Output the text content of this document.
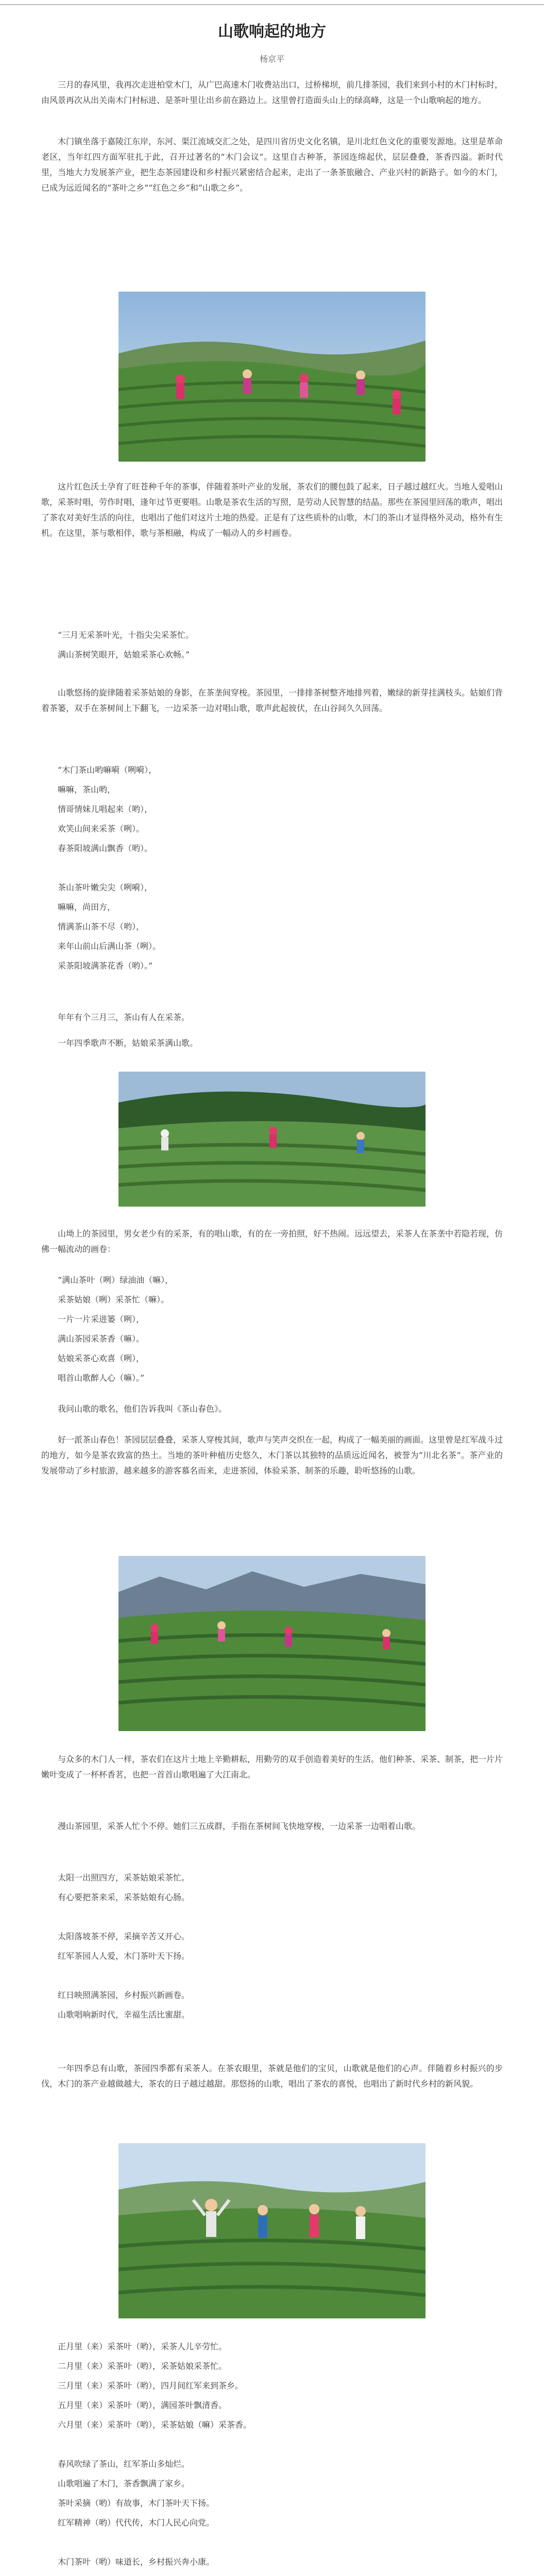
山歌响起的地方
杨京平

三月的春风里，我再次走进柏堂木门，从广巴高速木门收费站出口，过桥梯坝，前几排茶园，我们来到小村的木门村标时，由风景再次从出关南木门村标进、是茶叶里让出乡前在路边上。这里曾打造面头山上的绿高峰，这是一个山歌响起的地方。

木门镇坐落于嘉陵江东岸，东河、渠江流域交汇之处，是四川省历史文化名镇，是川北红色文化的重要发源地。这里是革命老区，当年红四方面军驻扎于此，召开过著名的“木门会议”。这里自古种茶，茶园连绵起伏，层层叠叠，茶香四溢。新时代里，当地大力发展茶产业，把生态茶园建设和乡村振兴紧密结合起来，走出了一条茶旅融合、产业兴村的新路子。如今的木门，已成为远近闻名的“茶叶之乡”“红色之乡”和“山歌之乡”。

这片红色沃土孕育了旺苍种千年的茶事，伴随着茶叶产业的发展，茶农们的腰包鼓了起来，日子越过越红火。当地人爱唱山歌，采茶时唱，劳作时唱，逢年过节更要唱。山歌是茶农生活的写照，是劳动人民智慧的结晶。那些在茶园里回荡的歌声，唱出了茶农对美好生活的向往，也唱出了他们对这片土地的热爱。正是有了这些质朴的山歌，木门的茶山才显得格外灵动，格外有生机。在这里，茶与歌相伴，歌与茶相融，构成了一幅动人的乡村画卷。

“三月无采茶叶光，十指尖尖采茶忙。
满山茶树笑眼开，姑娘采茶心欢畅。”

山歌悠扬的旋律随着采茶姑娘的身影，在茶垄间穿梭。茶园里，一排排茶树整齐地排列着，嫩绿的新芽挂满枝头。姑娘们背着茶篓，双手在茶树间上下翻飞，一边采茶一边对唱山歌，歌声此起彼伏，在山谷间久久回荡。

“木门茶山哟嘛嗬（咧嗬），
嘛嘛，茶山哟，
情哥情妹儿唱起来（哟），
欢笑山间来采茶（咧）。
春茶阳坡满山飘香（哟）。
茶山茶叶嫩尖尖（咧嗬），
嘛嘛，尚田方，
情满茶山茶不尽（哟），
来年山前山后满山茶（咧）。
采茶阳坡满茶花香（哟）。”

年年有个三月三，茶山有人在采茶。

一年四季歌声不断，姑娘采茶满山歌。

山坳上的茶园里，男女老少有的采茶，有的唱山歌，有的在一旁拍照，好不热闹。远远望去，采茶人在茶垄中若隐若现，仿佛一幅流动的画卷：

“满山茶叶（咧）绿油油（嘛），
采茶姑娘（咧）采茶忙（嘛）。
一片一片采进篓（咧），
满山茶园采茶香（嘛）。
姑娘采茶心欢喜（咧），
唱首山歌醉人心（嘛）。”

我问山歌的歌名，他们告诉我叫《茶山春色》。

好一派茶山春色！茶园层层叠叠，采茶人穿梭其间，歌声与笑声交织在一起，构成了一幅美丽的画面。这里曾是红军战斗过的地方，如今是茶农致富的热土。当地的茶叶种植历史悠久，木门茶以其独特的品质远近闻名，被誉为“川北名茶”。茶产业的发展带动了乡村旅游，越来越多的游客慕名而来，走进茶园，体验采茶、制茶的乐趣，聆听悠扬的山歌。

与众多的木门人一样，茶农们在这片土地上辛勤耕耘，用勤劳的双手创造着美好的生活。他们种茶、采茶、制茶，把一片片嫩叶变成了一杯杯香茗，也把一首首山歌唱遍了大江南北。

漫山茶园里，采茶人忙个不停。她们三五成群，手指在茶树间飞快地穿梭，一边采茶一边唱着山歌。

太阳一出照四方，采茶姑娘采茶忙。
有心要把茶来采，采茶姑娘有心肠。
太阳落坡茶不停，采摘辛苦又开心。
红军茶园人人爱，木门茶叶天下扬。
红日映照满茶园，乡村振兴新画卷。
山歌唱响新时代，幸福生活比蜜甜。

一年四季总有山歌，茶园四季都有采茶人。在茶农眼里，茶就是他们的宝贝，山歌就是他们的心声。伴随着乡村振兴的步伐，木门的茶产业越做越大，茶农的日子越过越甜。那悠扬的山歌，唱出了茶农的喜悦，也唱出了新时代乡村的新风貌。

正月里（来）采茶叶（哟），采茶人儿辛劳忙。
二月里（来）采茶叶（哟），采茶姑娘采茶忙。
三月里（来）采茶叶（哟），四月间红军来到茶乡。
五月里（来）采茶叶（哟），满园茶叶飘清香。
六月里（来）采茶叶（哟），采茶姑娘（嘛）采茶香。
春风吹绿了茶山，红军茶山多灿烂。
山歌唱遍了木门，茶香飘满了家乡。
茶叶采摘（哟）有故事，木门茶叶天下扬。
红军精神（哟）代代传，木门人民心向党。
木门茶叶（哟）味道长，乡村振兴奔小康。
